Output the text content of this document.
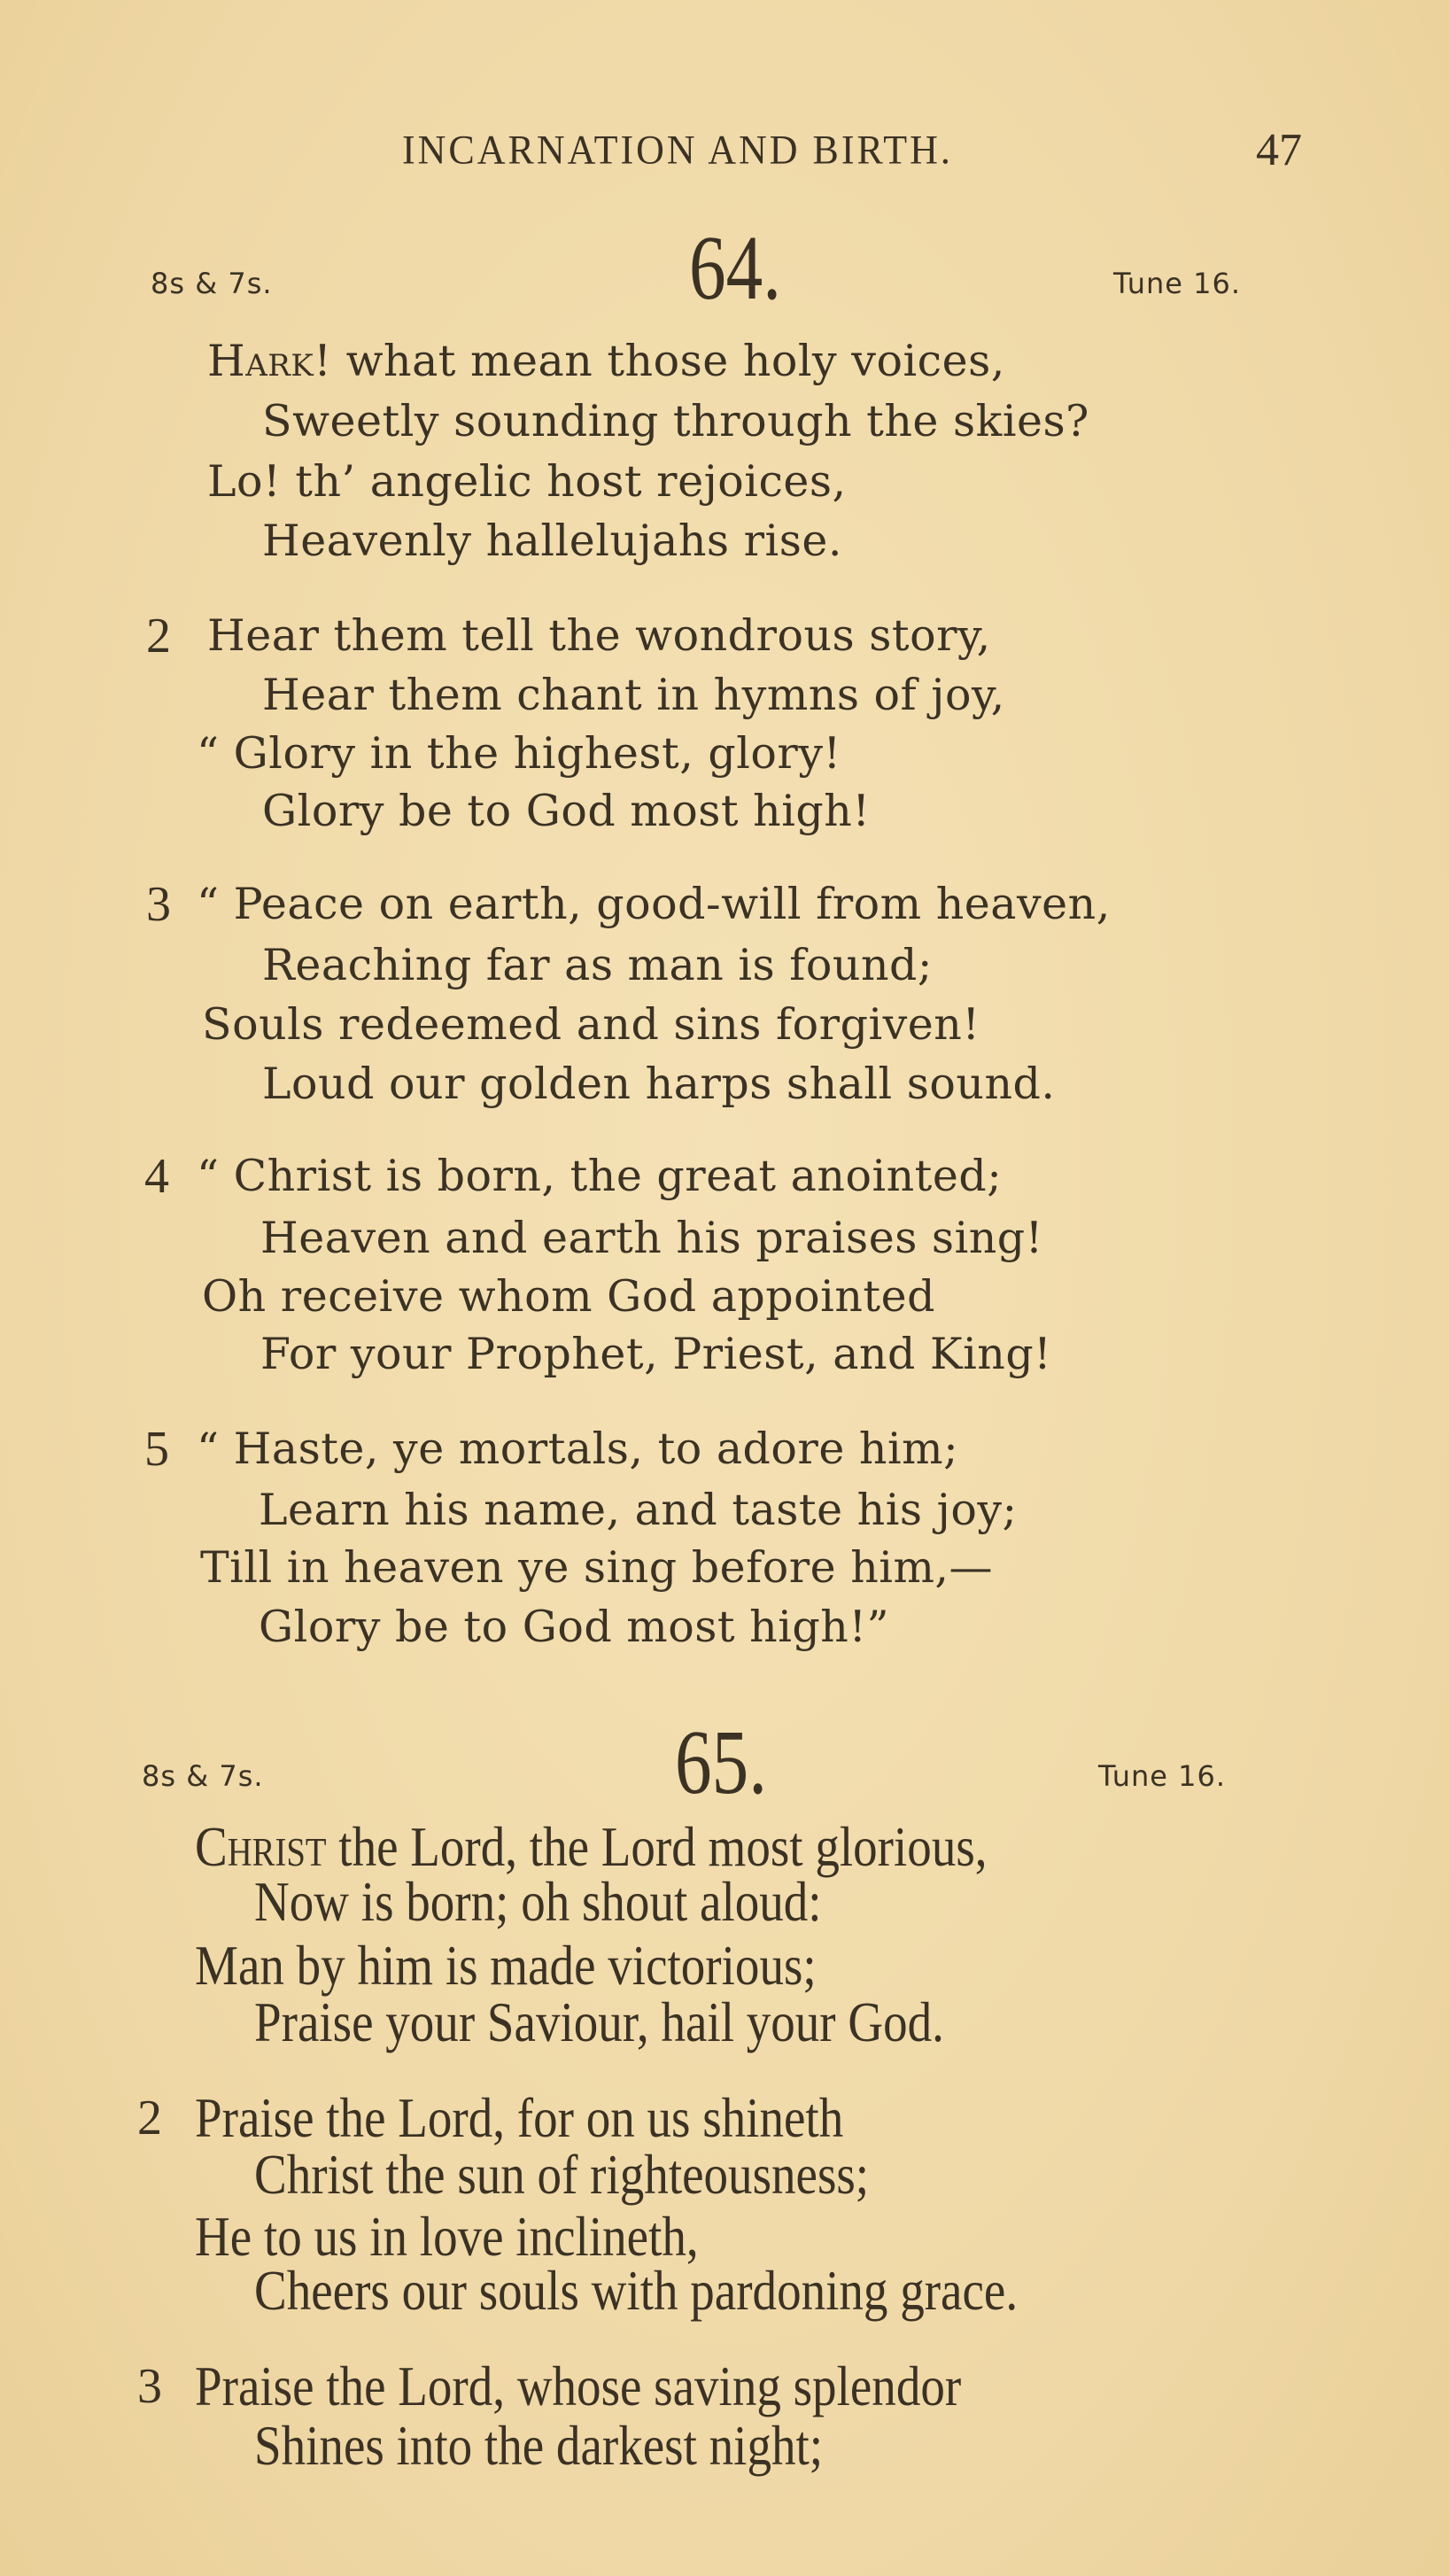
INCARNATION AND BIRTH.	47
8s & 7s.	64.	Tune 16.
Hark! what mean those holy voices,
Sweetly sounding through the skies?
Lo! th’ angelic host rejoices,
Heavenly hallelujahs rise.
2 Hear them tell the wondrous story,
Hear them chant in hymns of joy,
“ Glory in the highest, glory!
Glory be to God most high!
3 “ Peace on earth, good-will from heaven,
Reaching far as man is found;
Souls redeemed and sins forgiven!
Loud our golden harps shall sound.
4 “ Christ is born, the great anointed;
Heaven and earth his praises sing!
Oh receive whom God appointed
For your Prophet, Priest, and King!
5 “ Haste, ye mortals, to adore him;
Learn his name, and taste his joy;
Till in heaven ye sing before him,—
Glory be to God most high!”
8s & 7s.	65.	Tune 16.
Christ the Lord, the Lord most glorious,
Now is born; oh shout aloud:
Man by him is made victorious;
Praise your Saviour, hail your God.
2 Praise the Lord, for on us shineth
Christ the sun of righteousness;
He to us in love inclineth,
Cheers our souls with pardoning grace.
3 Praise the Lord, whose saving splendor
Shines into the darkest night;
